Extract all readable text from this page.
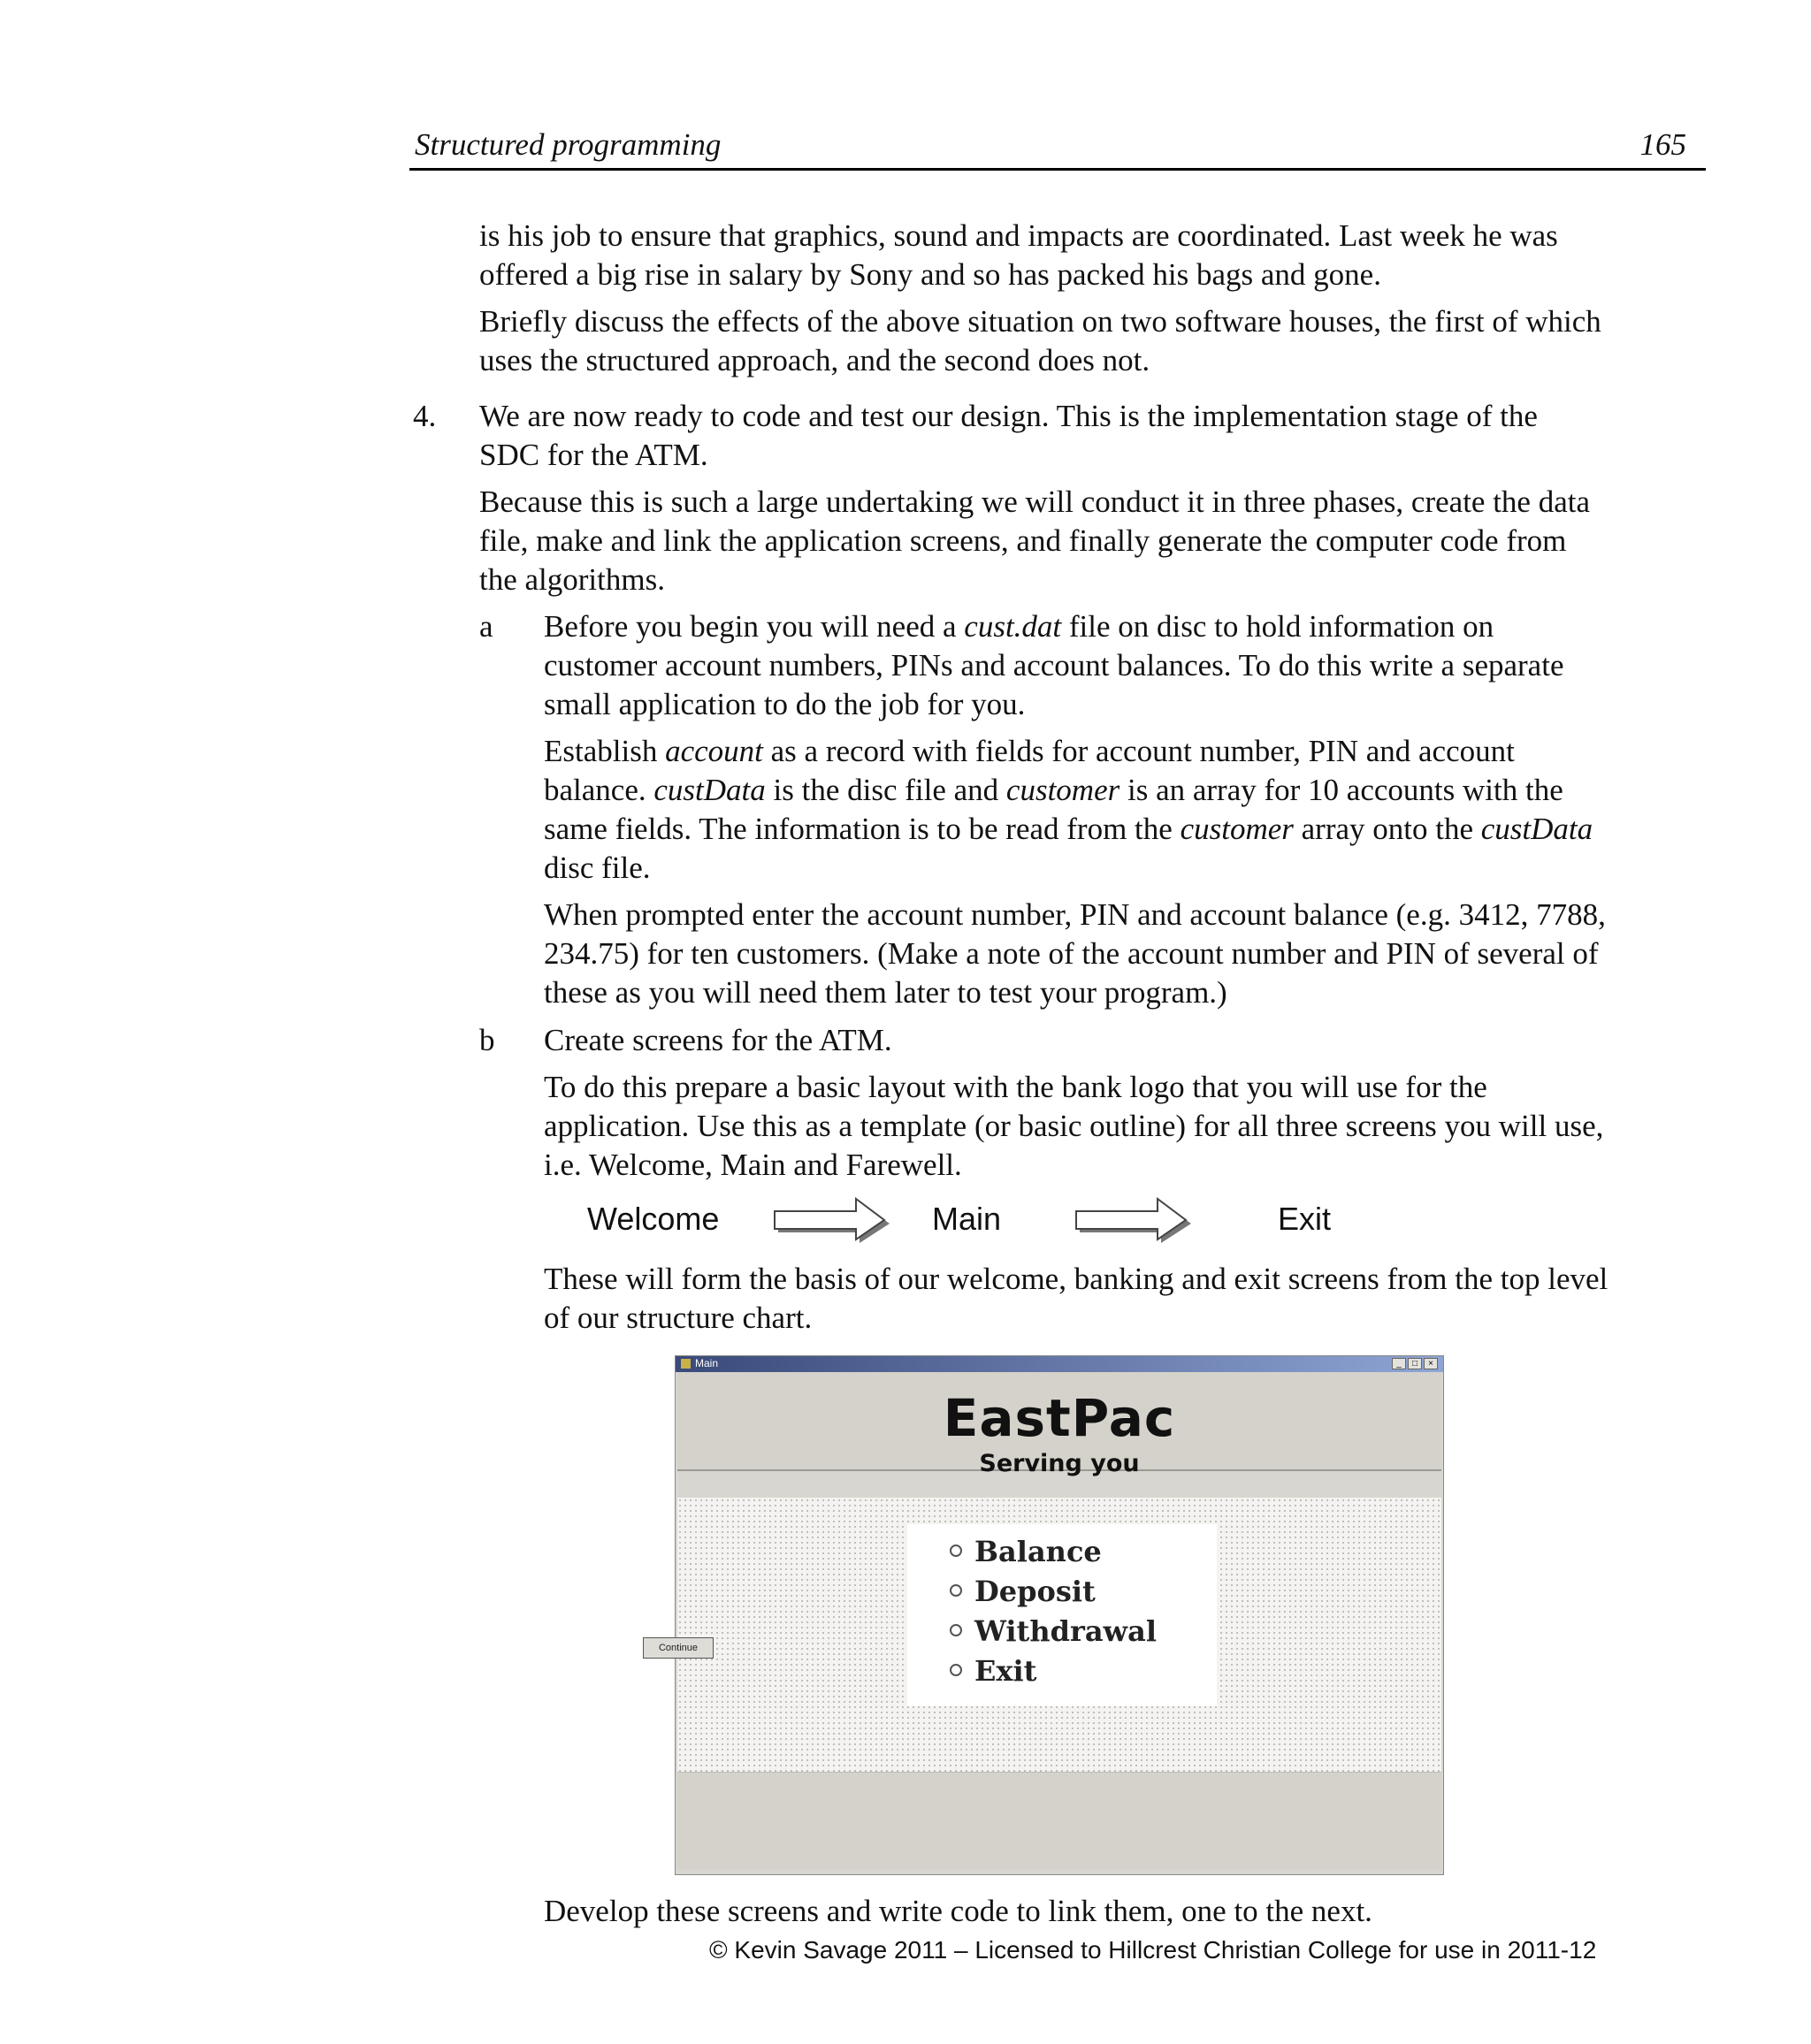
Structured programming	165
is his job to ensure that graphics, sound and impacts are coordinated. Last week he was
offered a big rise in salary by Sony and so has packed his bags and gone.
Briefly discuss the effects of the above situation on two software houses, the first of which
uses the structured approach, and the second does not.
4. We are now ready to code and test our design. This is the implementation stage of the
SDC for the ATM.
Because this is such a large undertaking we will conduct it in three phases, create the data
file, make and link the application screens, and finally generate the computer code from
the algorithms.
a Before you begin you will need a cust.dat file on disc to hold information on
customer account numbers, PINs and account balances. To do this write a separate
small application to do the job for you.
Establish account as a record with fields for account number, PIN and account
balance. custData is the disc file and customer is an array for 10 accounts with the
same fields. The information is to be read from the customer array onto the custData
disc file.
When prompted enter the account number, PIN and account balance (e.g. 3412, 7788,
234.75) for ten customers. (Make a note of the account number and PIN of several of
these as you will need them later to test your program.)
b Create screens for the ATM.
To do this prepare a basic layout with the bank logo that you will use for the
application. Use this as a template (or basic outline) for all three screens you will use,
i.e. Welcome, Main and Farewell.
Welcome	Main	Exit
These will form the basis of our welcome, banking and exit screens from the top level
of our structure chart.
Main	_	□	×
EastPac
Serving you
Balance
Deposit
Withdrawal
Exit
Continue
Develop these screens and write code to link them, one to the next.
© Kevin Savage 2011 – Licensed to Hillcrest Christian College for use in 2011-12
